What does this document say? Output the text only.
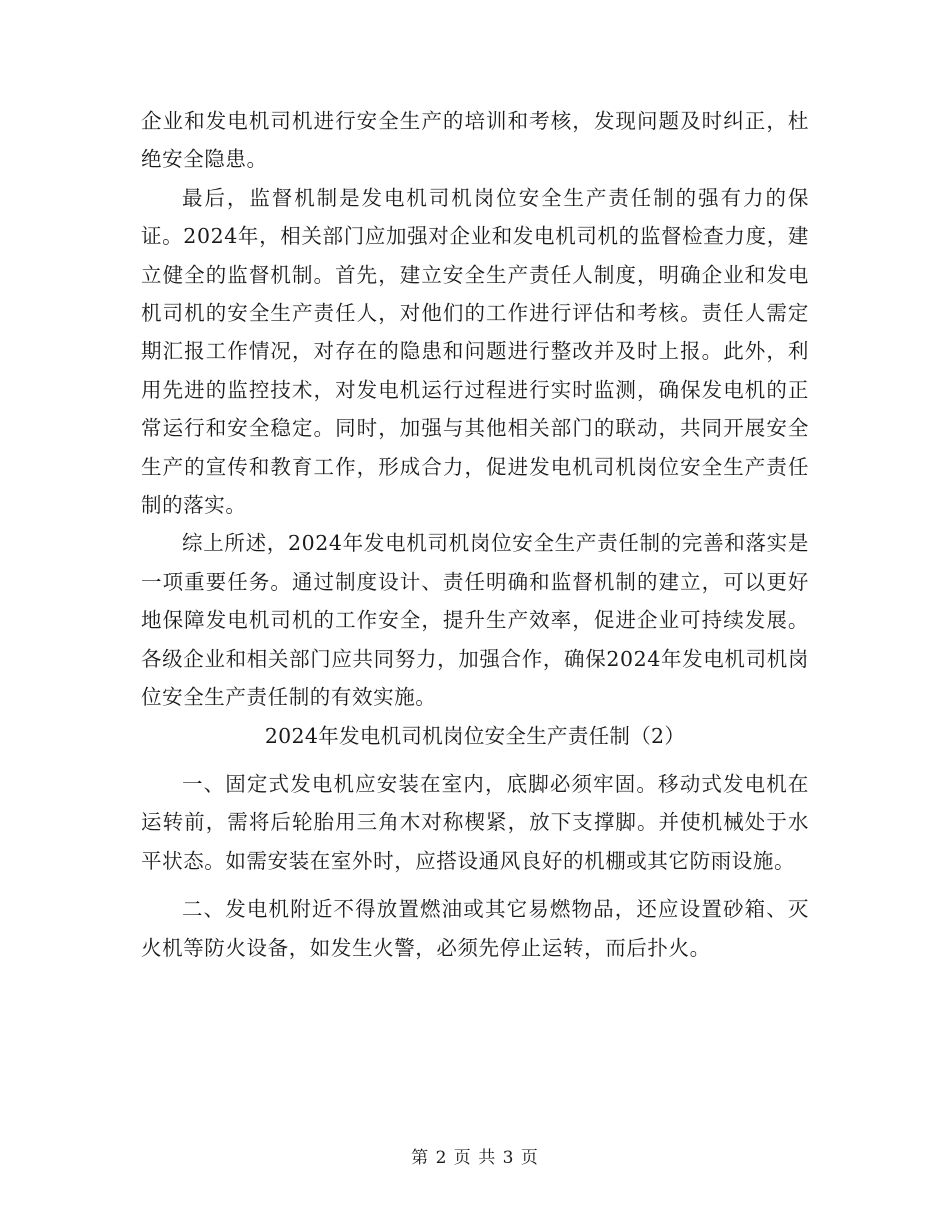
企业和发电机司机进行安全生产的培训和考核，发现问题及时纠正，杜绝安全隐患。

最后，监督机制是发电机司机岗位安全生产责任制的强有力的保证。2024年，相关部门应加强对企业和发电机司机的监督检查力度，建立健全的监督机制。首先，建立安全生产责任人制度，明确企业和发电机司机的安全生产责任人，对他们的工作进行评估和考核。责任人需定期汇报工作情况，对存在的隐患和问题进行整改并及时上报。此外，利用先进的监控技术，对发电机运行过程进行实时监测，确保发电机的正常运行和安全稳定。同时，加强与其他相关部门的联动，共同开展安全生产的宣传和教育工作，形成合力，促进发电机司机岗位安全生产责任制的落实。

综上所述，2024年发电机司机岗位安全生产责任制的完善和落实是一项重要任务。通过制度设计、责任明确和监督机制的建立，可以更好地保障发电机司机的工作安全，提升生产效率，促进企业可持续发展。各级企业和相关部门应共同努力，加强合作，确保2024年发电机司机岗位安全生产责任制的有效实施。

2024年发电机司机岗位安全生产责任制（2）

一、固定式发电机应安装在室内，底脚必须牢固。移动式发电机在运转前，需将后轮胎用三角木对称楔紧，放下支撑脚。并使机械处于水平状态。如需安装在室外时，应搭设通风良好的机棚或其它防雨设施。

二、发电机附近不得放置燃油或其它易燃物品，还应设置砂箱、灭火机等防火设备，如发生火警，必须先停止运转，而后扑火。

第 2 页 共 3 页
